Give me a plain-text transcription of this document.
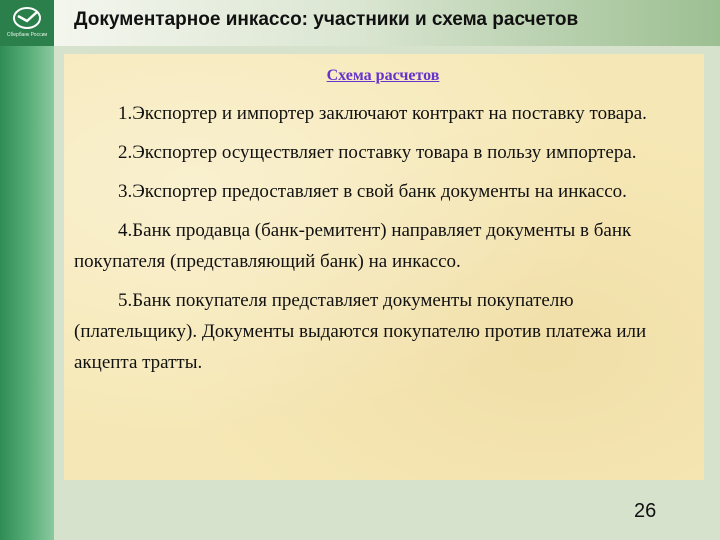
Сбербанк России
Документарное инкассо: участники и схема расчетов
Схема расчетов

1.Экспортер и импортер заключают контракт на поставку товара.

2.Экспортер осуществляет поставку товара в пользу импортера.

3.Экспортер предоставляет в свой банк документы на инкассо.

4.Банк продавца (банк-ремитент) направляет документы в банк покупателя (представляющий банк) на инкассо.

5.Банк покупателя представляет документы покупателю (плательщику). Документы выдаются покупателю против платежа или акцепта тратты.

26
